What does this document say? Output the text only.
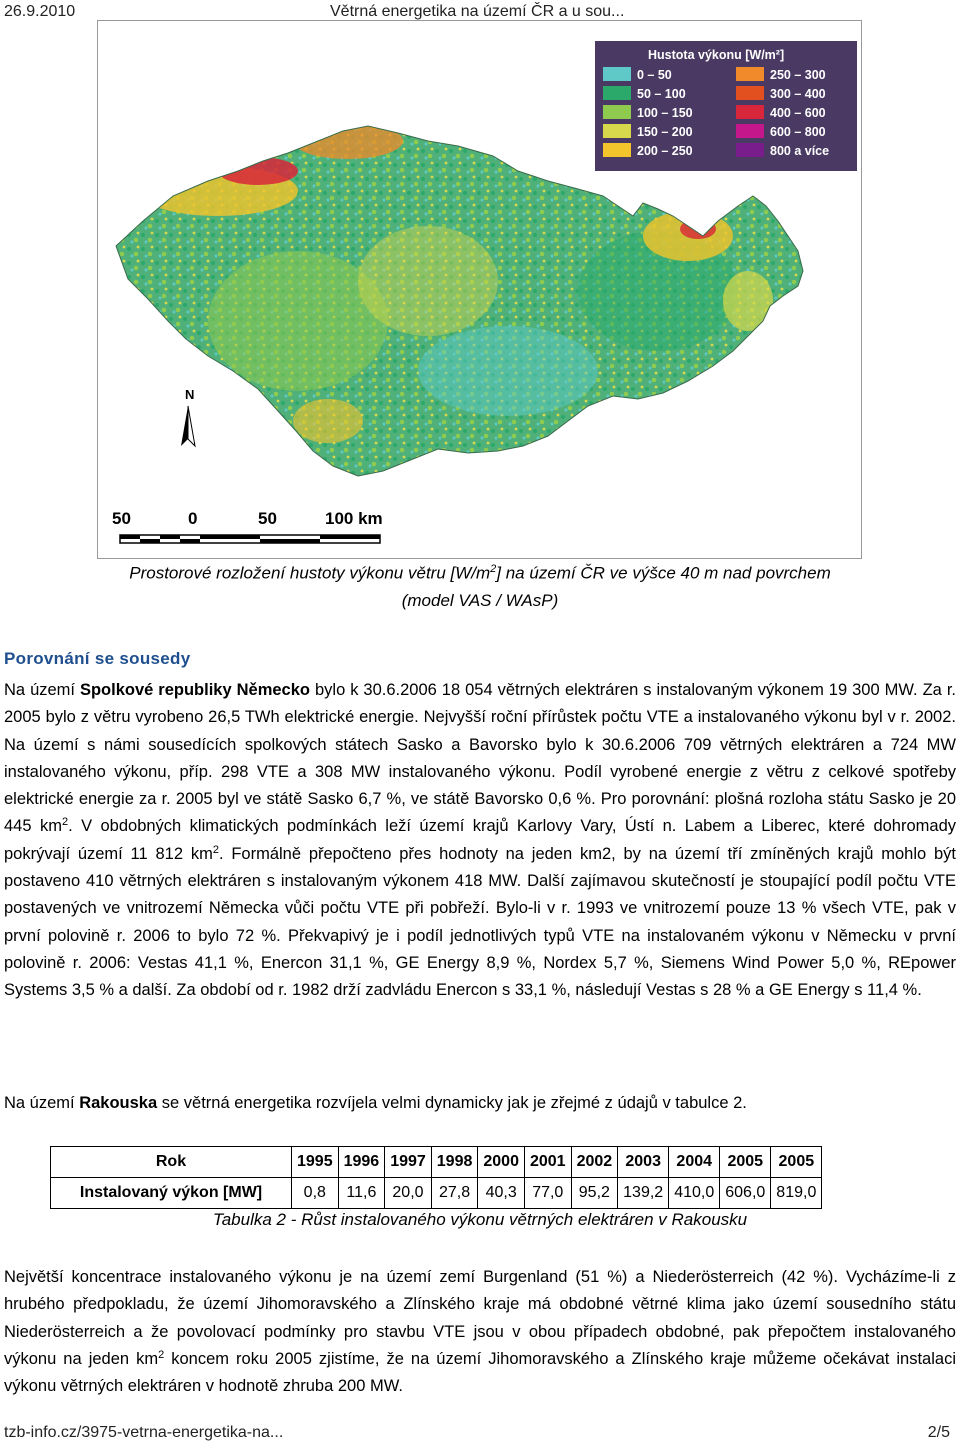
26.9.2010	Větrná energetika na území ČR a u sou...
Hustota výkonu [W/m²]
0 – 50
50 – 100
100 – 150
150 – 200
200 – 250
250 – 300
300 – 400
400 – 600
600 – 800
800 a více
N
50	0	50	100 km
Prostorové rozložení hustoty výkonu větru $[W/m^2]$ na území ČR ve výšce 40 m nad povrchem
(model VAS / WAsP)
Porovnání se sousedy
Na území Spolkové republiky Německo bylo k 30.6.2006 18 054 větrných elektráren s instalovaným výkonem 19 300 MW. Za r. 2005 bylo z větru vyrobeno 26,5 TWh elektrické energie. Nejvyšší roční přírůstek počtu VTE a instalovaného výkonu byl v r. 2002. Na území s námi sousedících spolkových státech Sasko a Bavorsko bylo k 30.6.2006 709 větrných elektráren a 724 MW instalovaného výkonu, příp. 298 VTE a 308 MW instalovaného výkonu. Podíl vyrobené energie z větru z celkové spotřeby elektrické energie za r. 2005 byl ve státě Sasko 6,7 %, ve státě Bavorsko 0,6 %. Pro porovnání: plošná rozloha státu Sasko je 20 445 $km^2$. V obdobných klimatických podmínkách leží území krajů Karlovy Vary, Ústí n. Labem a Liberec, které dohromady pokrývají území 11 812 $km^2$. Formálně přepočteno přes hodnoty na jeden km2, by na území tří zmíněných krajů mohlo být postaveno 410 větrných elektráren s instalovaným výkonem 418 MW. Další zajímavou skutečností je stoupající podíl počtu VTE postavených ve vnitrozemí Německa vůči počtu VTE při pobřeží. Bylo-li v r. 1993 ve vnitrozemí pouze 13 % všech VTE, pak v první polovině r. 2006 to bylo 72 %. Překvapivý je i podíl jednotlivých typů VTE na instalovaném výkonu v Německu v první polovině r. 2006: Vestas 41,1 %, Enercon 31,1 %, GE Energy 8,9 %, Nordex 5,7 %, Siemens Wind Power 5,0 %, REpower Systems 3,5 % a další. Za období od r. 1982 drží zadvládu Enercon s 33,1 %, následují Vestas s 28 % a GE Energy s 11,4 %.
Na území Rakouska se větrná energetika rozvíjela velmi dynamicky jak je zřejmé z údajů v tabulce 2.
Rok	1995	1996	1997	1998	2000	2001	2002	2003	2004	2005	2005
Instalovaný výkon [MW]	0,8	11,6	20,0	27,8	40,3	77,0	95,2	139,2	410,0	606,0	819,0
Tabulka 2 - Růst instalovaného výkonu větrných elektráren v Rakousku
Největší koncentrace instalovaného výkonu je na území zemí Burgenland (51 %) a Niederösterreich (42 %). Vycházíme-li z hrubého předpokladu, že území Jihomoravského a Zlínského kraje má obdobné větrné klima jako území sousedního státu Niederösterreich a že povolovací podmínky pro stavbu VTE jsou v obou případech obdobné, pak přepočtem instalovaného výkonu na jeden $km^2$ koncem roku 2005 zjistíme, že na území Jihomoravského a Zlínského kraje můžeme očekávat instalaci výkonu větrných elektráren v hodnotě zhruba 200 MW.
tzb-info.cz/3975-vetrna-energetika-na...	2/5
